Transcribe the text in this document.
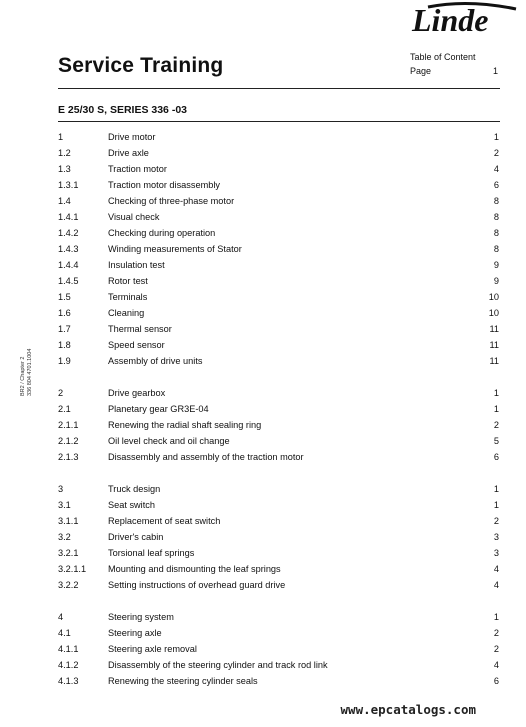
Linde
Service Training	Table of Content
Page	1
E 25/30 S, SERIES 336 -03
BR2 / Chapter 2 336 804 4701.1004
1	Drive motor	1
1.2	Drive axle	2
1.3	Traction motor	4
1.3.1	Traction motor disassembly	6
1.4	Checking of three-phase motor	8
1.4.1	Visual check	8
1.4.2	Checking during operation	8
1.4.3	Winding measurements of Stator	8
1.4.4	Insulation test	9
1.4.5	Rotor test	9
1.5	Terminals	10
1.6	Cleaning	10
1.7	Thermal sensor	11
1.8	Speed sensor	11
1.9	Assembly of drive units	11
2	Drive gearbox	1
2.1	Planetary gear GR3E-04	1
2.1.1	Renewing the radial shaft sealing ring	2
2.1.2	Oil level check and oil change	5
2.1.3	Disassembly and assembly of the traction motor	6
3	Truck design	1
3.1	Seat switch	1
3.1.1	Replacement of seat switch	2
3.2	Driver's cabin	3
3.2.1	Torsional leaf springs	3
3.2.1.1 Mounting and dismounting the leaf springs	4
3.2.2	Setting instructions of overhead guard drive	4
4	Steering system	1
4.1	Steering axle	2
4.1.1	Steering axle removal	2
4.1.2	Disassembly of the steering cylinder and track rod link	4
4.1.3	Renewing the steering cylinder seals	6
www.epcatalogs.com
